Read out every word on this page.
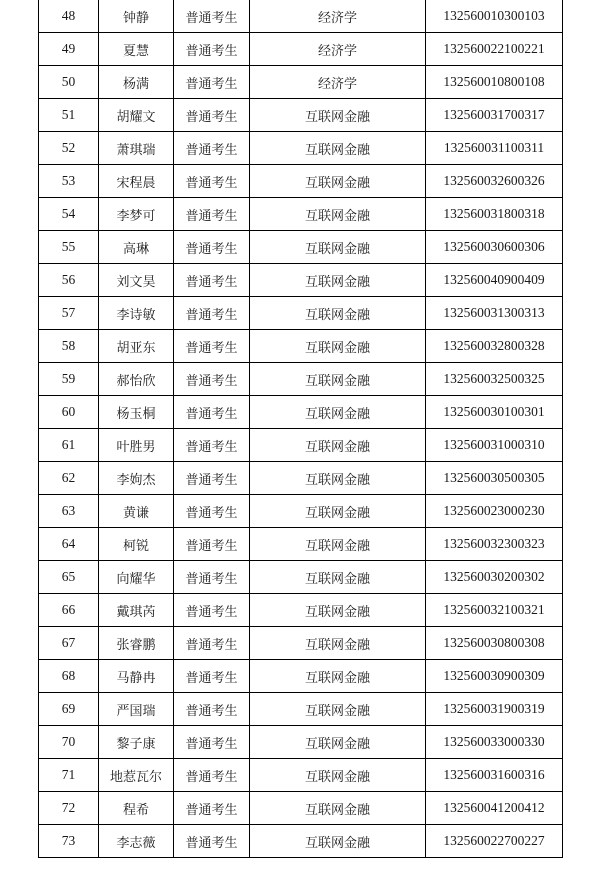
48	钟静	普通考生	经济学	132560010300103
49	夏慧	普通考生	经济学	132560022100221
50	杨满	普通考生	经济学	132560010800108
51	胡耀文	普通考生	互联网金融	132560031700317
52	萧琪瑞	普通考生	互联网金融	132560031100311
53	宋程晨	普通考生	互联网金融	132560032600326
54	李梦可	普通考生	互联网金融	132560031800318
55	高琳	普通考生	互联网金融	132560030600306
56	刘文昊	普通考生	互联网金融	132560040900409
57	李诗敏	普通考生	互联网金融	132560031300313
58	胡亚东	普通考生	互联网金融	132560032800328
59	郝怡欣	普通考生	互联网金融	132560032500325
60	杨玉桐	普通考生	互联网金融	132560030100301
61	叶胜男	普通考生	互联网金融	132560031000310
62	李姁杰	普通考生	互联网金融	132560030500305
63	黄谦	普通考生	互联网金融	132560023000230
64	柯锐	普通考生	互联网金融	132560032300323
65	向耀华	普通考生	互联网金融	132560030200302
66	戴琪芮	普通考生	互联网金融	132560032100321
67	张睿鹏	普通考生	互联网金融	132560030800308
68	马静冉	普通考生	互联网金融	132560030900309
69	严国瑞	普通考生	互联网金融	132560031900319
70	黎子康	普通考生	互联网金融	132560033000330
71	地惹瓦尔	普通考生	互联网金融	132560031600316
72	程希	普通考生	互联网金融	132560041200412
73	李志薇	普通考生	互联网金融	132560022700227
